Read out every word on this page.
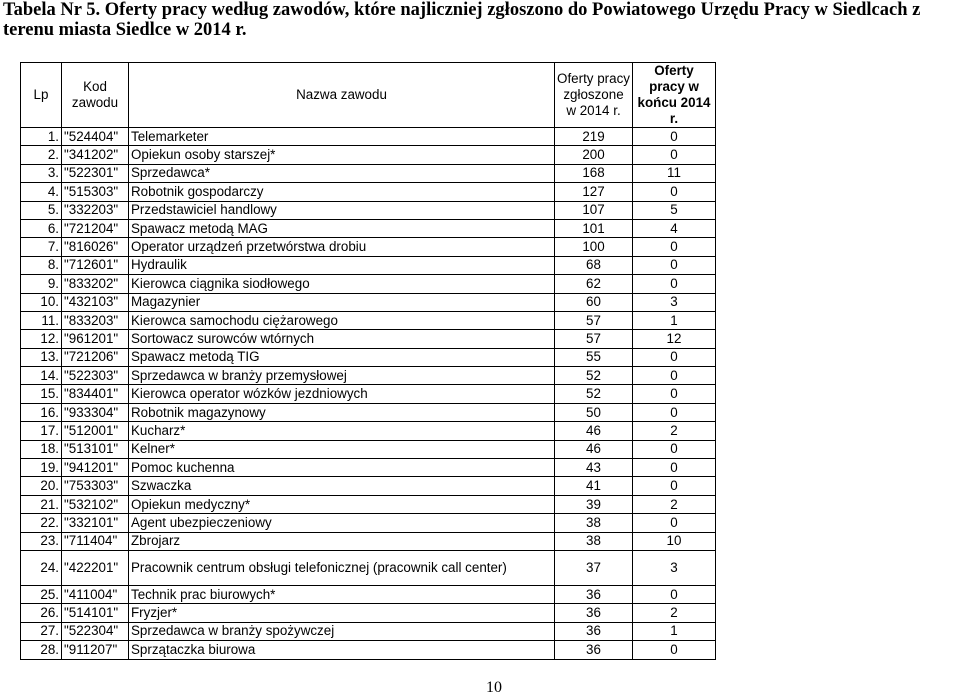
Tabela Nr 5. Oferty pracy według zawodów, które najliczniej zgłoszono do Powiatowego Urzędu Pracy w Siedlcach z terenu miasta Siedlce w 2014 r.
Lp	Kod zawodu	Nazwa zawodu	Oferty pracy zgłoszone w 2014 r.	Oferty pracy w końcu 2014 r.
1.	"524404"	Telemarketer	219	0
2.	"341202"	Opiekun osoby starszej*	200	0
3.	"522301"	Sprzedawca*	168	11
4.	"515303"	Robotnik gospodarczy	127	0
5.	"332203"	Przedstawiciel handlowy	107	5
6.	"721204"	Spawacz metodą MAG	101	4
7.	"816026"	Operator urządzeń przetwórstwa drobiu	100	0
8.	"712601"	Hydraulik	68	0
9.	"833202"	Kierowca ciągnika siodłowego	62	0
10.	"432103"	Magazynier	60	3
11.	"833203"	Kierowca samochodu ciężarowego	57	1
12.	"961201"	Sortowacz surowców wtórnych	57	12
13.	"721206"	Spawacz metodą TIG	55	0
14.	"522303"	Sprzedawca w branży przemysłowej	52	0
15.	"834401"	Kierowca operator wózków jezdniowych	52	0
16.	"933304"	Robotnik magazynowy	50	0
17.	"512001"	Kucharz*	46	2
18.	"513101"	Kelner*	46	0
19.	"941201"	Pomoc kuchenna	43	0
20.	"753303"	Szwaczka	41	0
21.	"532102"	Opiekun medyczny*	39	2
22.	"332101"	Agent ubezpieczeniowy	38	0
23.	"711404"	Zbrojarz	38	10
24.	"422201"	Pracownik centrum obsługi telefonicznej (pracownik call center)	37	3
25.	"411004"	Technik prac biurowych*	36	0
26.	"514101"	Fryzjer*	36	2
27.	"522304"	Sprzedawca w branży spożywczej	36	1
28.	"911207"	Sprzątaczka biurowa	36	0
10
